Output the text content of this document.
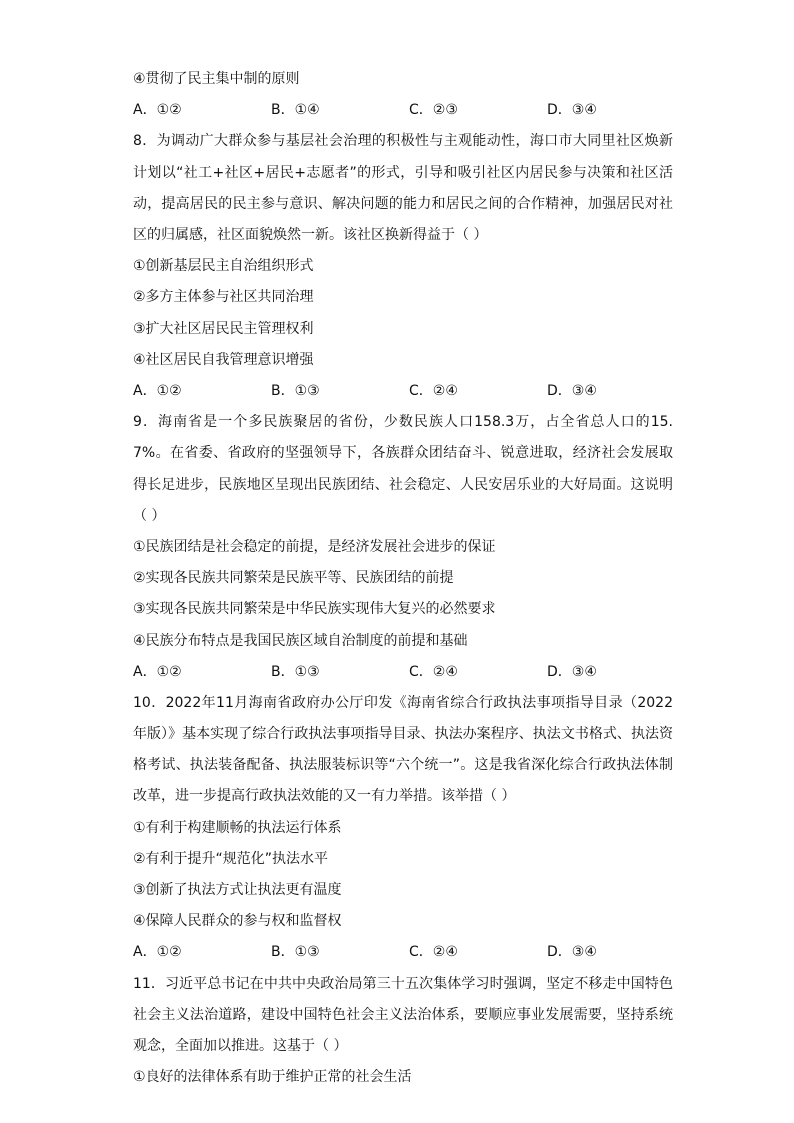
④贯彻了民主集中制的原则
A．①②	B．①④	C．②③	D．③④
8．为调动广大群众参与基层社会治理的积极性与主观能动性，海口市大同里社区焕新计划以“社工+社区+居民+志愿者”的形式，引导和吸引社区内居民参与决策和社区活动，提高居民的民主参与意识、解决问题的能力和居民之间的合作精神，加强居民对社区的归属感，社区面貌焕然一新。该社区换新得益于（ ）
①创新基层民主自治组织形式
②多方主体参与社区共同治理
③扩大社区居民民主管理权利
④社区居民自我管理意识增强
A．①②	B．①③	C．②④	D．③④
9．海南省是一个多民族聚居的省份，少数民族人口158.3万，占全省总人口的15.7%。在省委、省政府的坚强领导下，各族群众团结奋斗、锐意进取，经济社会发展取得长足进步，民族地区呈现出民族团结、社会稳定、人民安居乐业的大好局面。这说明（ ）
①民族团结是社会稳定的前提，是经济发展社会进步的保证
②实现各民族共同繁荣是民族平等、民族团结的前提
③实现各民族共同繁荣是中华民族实现伟大复兴的必然要求
④民族分布特点是我国民族区域自治制度的前提和基础
A．①②	B．①③	C．②④	D．③④
10．2022年11月海南省政府办公厅印发《海南省综合行政执法事项指导目录（2022年版）》基本实现了综合行政执法事项指导目录、执法办案程序、执法文书格式、执法资格考试、执法装备配备、执法服装标识等“六个统一”。这是我省深化综合行政执法体制改革，进一步提高行政执法效能的又一有力举措。该举措（ ）
①有利于构建顺畅的执法运行体系
②有利于提升“规范化”执法水平
③创新了执法方式让执法更有温度
④保障人民群众的参与权和监督权
A．①②	B．①③	C．②④	D．③④
11．习近平总书记在中共中央政治局第三十五次集体学习时强调，坚定不移走中国特色社会主义法治道路，建设中国特色社会主义法治体系，要顺应事业发展需要，坚持系统观念，全面加以推进。这基于（ ）
①良好的法律体系有助于维护正常的社会生活
